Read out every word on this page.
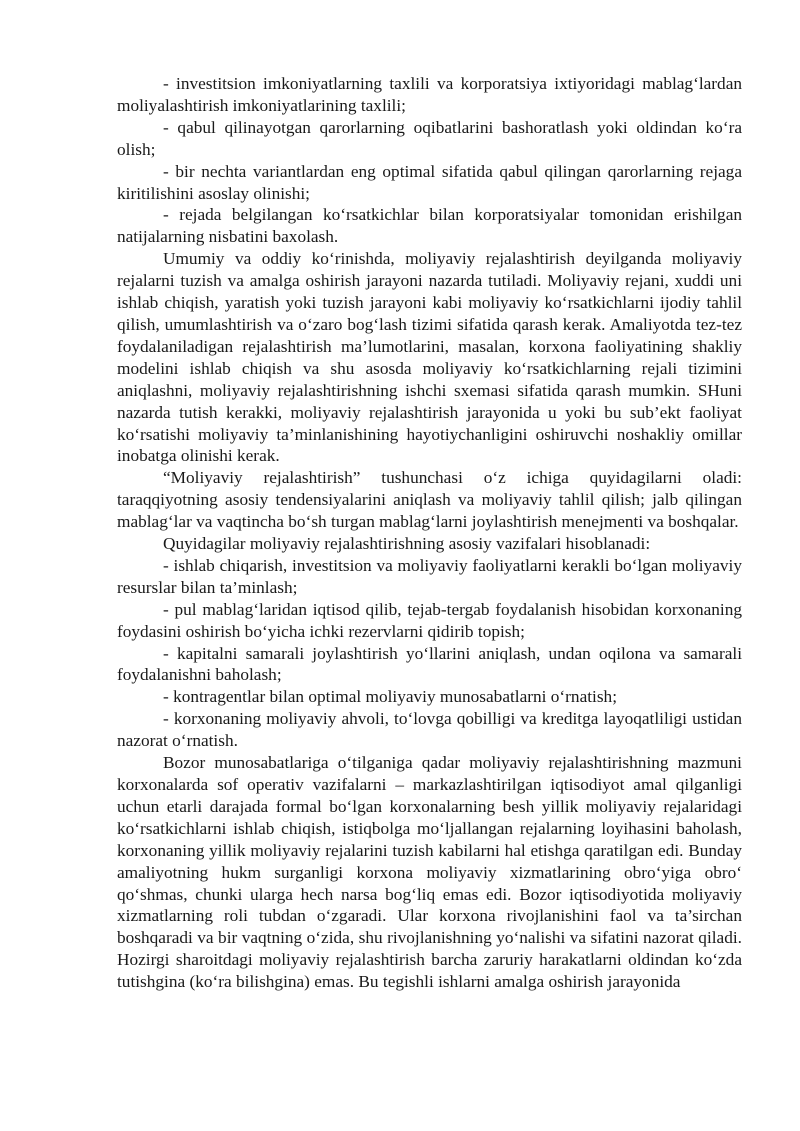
- investitsion imkoniyatlarning taxlili va korporatsiya ixtiyoridagi mablag‘lardan moliyalashtirish imkoniyatlarining taxlili;

- qabul qilinayotgan qarorlarning oqibatlarini bashoratlash yoki oldindan ko‘ra olish;

- bir nechta variantlardan eng optimal sifatida qabul qilingan qarorlarning rejaga kiritilishini asoslay olinishi;

- rejada belgilangan ko‘rsatkichlar bilan korporatsiyalar tomonidan erishilgan natijalarning nisbatini baxolash.

Umumiy va oddiy ko‘rinishda, moliyaviy rejalashtirish deyilganda moliyaviy rejalarni tuzish va amalga oshirish jarayoni nazarda tutiladi. Moliyaviy rejani, xuddi uni ishlab chiqish, yaratish yoki tuzish jarayoni kabi moliyaviy ko‘rsatkichlarni ijodiy tahlil qilish, umumlashtirish va o‘zaro bog‘lash tizimi sifatida qarash kerak. Amaliyotda tez-tez foydalaniladigan rejalashtirish ma’lumotlarini, masalan, korxona faoliyatining shakliy modelini ishlab chiqish va shu asosda moliyaviy ko‘rsatkichlarning rejali tizimini aniqlashni, moliyaviy rejalashtirishning ishchi sxemasi sifatida qarash mumkin. SHuni nazarda tutish kerakki, moliyaviy rejalashtirish jarayonida u yoki bu sub’ekt faoliyat ko‘rsatishi moliyaviy ta’minlanishining hayotiychanligini oshiruvchi noshakliy omillar inobatga olinishi kerak.

“Moliyaviy rejalashtirish” tushunchasi o‘z ichiga quyidagilarni oladi: taraqqiyotning asosiy tendensiyalarini aniqlash va moliyaviy tahlil qilish; jalb qilingan mablag‘lar va vaqtincha bo‘sh turgan mablag‘larni joylashtirish menejmenti va boshqalar.

Quyidagilar moliyaviy rejalashtirishning asosiy vazifalari hisoblanadi:

- ishlab chiqarish, investitsion va moliyaviy faoliyatlarni kerakli bo‘lgan moliyaviy resurslar bilan ta’minlash;

- pul mablag‘laridan iqtisod qilib, tejab-tergab foydalanish hisobidan korxonaning foydasini oshirish bo‘yicha ichki rezervlarni qidirib topish;

- kapitalni samarali joylashtirish yo‘llarini aniqlash, undan oqilona va samarali foydalanishni baholash;

- kontragentlar bilan optimal moliyaviy munosabatlarni o‘rnatish;

- korxonaning moliyaviy ahvoli, to‘lovga qobilligi va kreditga layoqatliligi ustidan nazorat o‘rnatish.

Bozor munosabatlariga o‘tilganiga qadar moliyaviy rejalashtirishning mazmuni korxonalarda sof operativ vazifalarni – markazlashtirilgan iqtisodiyot amal qilganligi uchun etarli darajada formal bo‘lgan korxonalarning besh yillik moliyaviy rejalaridagi ko‘rsatkichlarni ishlab chiqish, istiqbolga mo‘ljallangan rejalarning loyihasini baholash, korxonaning yillik moliyaviy rejalarini tuzish kabilarni hal etishga qaratilgan edi. Bunday amaliyotning hukm surganligi korxona moliyaviy xizmatlarining obro‘yiga obro‘ qo‘shmas, chunki ularga hech narsa bog‘liq emas edi. Bozor iqtisodiyotida moliyaviy xizmatlarning roli tubdan o‘zgaradi. Ular korxona rivojlanishini faol va ta’sirchan boshqaradi va bir vaqtning o‘zida, shu rivojlanishning yo‘nalishi va sifatini nazorat qiladi. Hozirgi sharoitdagi moliyaviy rejalashtirish barcha zaruriy harakatlarni oldindan ko‘zda tutishgina (ko‘ra bilishgina) emas. Bu tegishli ishlarni amalga oshirish jarayonida
